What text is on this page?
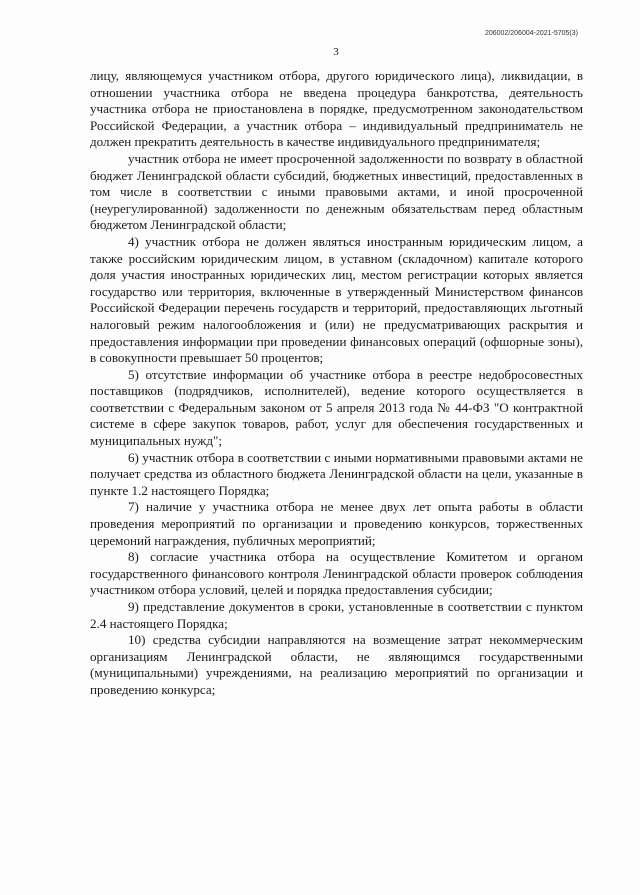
206002/206004-2021-5705(3)
3

лицу, являющемуся участником отбора, другого юридического лица), ликвидации, в отношении участника отбора не введена процедура банкротства, деятельность участника отбора не приостановлена в порядке, предусмотренном законодательством Российской Федерации, а участник отбора – индивидуальный предприниматель не должен прекратить деятельность в качестве индивидуального предпринимателя;

участник отбора не имеет просроченной задолженности по возврату в областной бюджет Ленинградской области субсидий, бюджетных инвестиций, предоставленных в том числе в соответствии с иными правовыми актами, и иной просроченной (неурегулированной) задолженности по денежным обязательствам перед областным бюджетом Ленинградской области;

4) участник отбора не должен являться иностранным юридическим лицом, а также российским юридическим лицом, в уставном (складочном) капитале которого доля участия иностранных юридических лиц, местом регистрации которых является государство или территория, включенные в утвержденный Министерством финансов Российской Федерации перечень государств и территорий, предоставляющих льготный налоговый режим налогообложения и (или) не предусматривающих раскрытия и предоставления информации при проведении финансовых операций (офшорные зоны), в совокупности превышает 50 процентов;

5) отсутствие информации об участнике отбора в реестре недобросовестных поставщиков (подрядчиков, исполнителей), ведение которого осуществляется в соответствии с Федеральным законом от 5 апреля 2013 года № 44-ФЗ "О контрактной системе в сфере закупок товаров, работ, услуг для обеспечения государственных и муниципальных нужд";

6) участник отбора в соответствии с иными нормативными правовыми актами не получает средства из областного бюджета Ленинградской области на цели, указанные в пункте 1.2 настоящего Порядка;

7) наличие у участника отбора не менее двух лет опыта работы в области проведения мероприятий по организации и проведению конкурсов, торжественных церемоний награждения, публичных мероприятий;

8) согласие участника отбора на осуществление Комитетом и органом государственного финансового контроля Ленинградской области проверок соблюдения участником отбора условий, целей и порядка предоставления субсидии;

9) представление документов в сроки, установленные в соответствии с пунктом 2.4 настоящего Порядка;

10) средства субсидии направляются на возмещение затрат некоммерческим организациям Ленинградской области, не являющимся государственными (муниципальными) учреждениями, на реализацию мероприятий по организации и проведению конкурса;
